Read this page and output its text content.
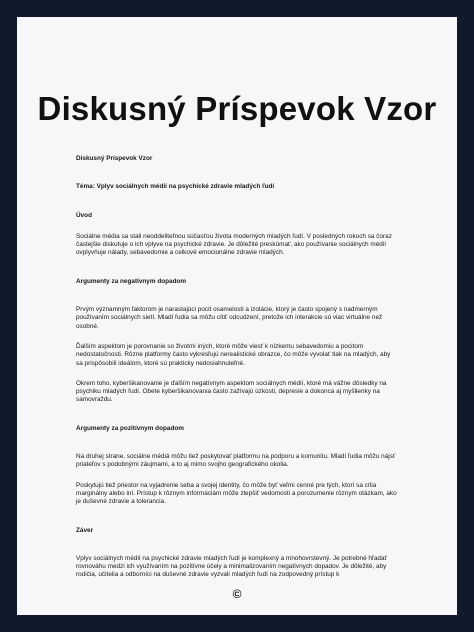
Diskusný Príspevok Vzor

Diskusný Príspevok Vzor

Téma: Vplyv sociálnych médií na psychické zdravie mladých ľudí

Úvod

Sociálne média sa stali neoddeliteľnou súčasťou života moderných mladých ľudí. V posledných rokoch sa čoraz častejšie diskutuje o ich vplyve na psychické zdravie. Je dôležité preskúmať, ako používanie sociálnych médií ovplyvňuje nálady, sebavedomie a celkové emocionálne zdravie mladých.

Argumenty za negatívnym dopadom

Prvým významným faktorom je narastajúci pocit osamelosti a izolácie, ktorý je často spojený s nadmerným používaním sociálnych sietí. Mladí ľudia sa môžu cítiť odcudzení, pretože ich interakcie sú viac virtuálne než osobné.

Ďalším aspektom je porovnanie so životmi iných, ktoré môže viesť k nízkemu sebavedomiu a pocitom nedostatočnosti. Rôzne platformy často vykresľujú nerealistické obrazce, čo môže vyvolať tlak na mladých, aby sa prispôsobili ideálom, ktoré sú prakticky nedosiahnuteľné.

Okrem toho, kyberšikanovanie je ďalším negatívnym aspektom sociálnych médií, ktoré má vážne dôsledky na psychiku mladých ľudí. Obete kyberšikanovania často zažívajú úzkosti, depresie a dokonca aj myšlienky na samovraždu.

Argumenty za pozitívnym dopadom

Na druhej strane, sociálne médiá môžu tiež poskytovať platformu na podporu a komunitu. Mladí ľudia môžu nájsť priateľov s podobnými záujmami, a to aj mimo svojho geografického okolia.

Poskytujú tiež priestor na vyjadrenie seba a svojej identity, čo môže byť veľmi cenné pre tých, ktorí sa cítia marginálny alebo iní. Prístup k rôznym informáciám môže zlepšiť vedomosti a porozumenie rôznym otázkam, ako je duševné zdravie a tolerancia.

Záver

Vplyv sociálnych médií na psychické zdravie mladých ľudí je komplexný a mnohovrstevný. Je potrebné hľadať rovnováhu medzi ich využívaním na pozitívne účely a minimalizovaním negatívnych dopadov. Je dôležité, aby rodičia, učitelia a odborníci na duševné zdravie vyzvali mladých ľudí na zodpovedný prístup k

©
